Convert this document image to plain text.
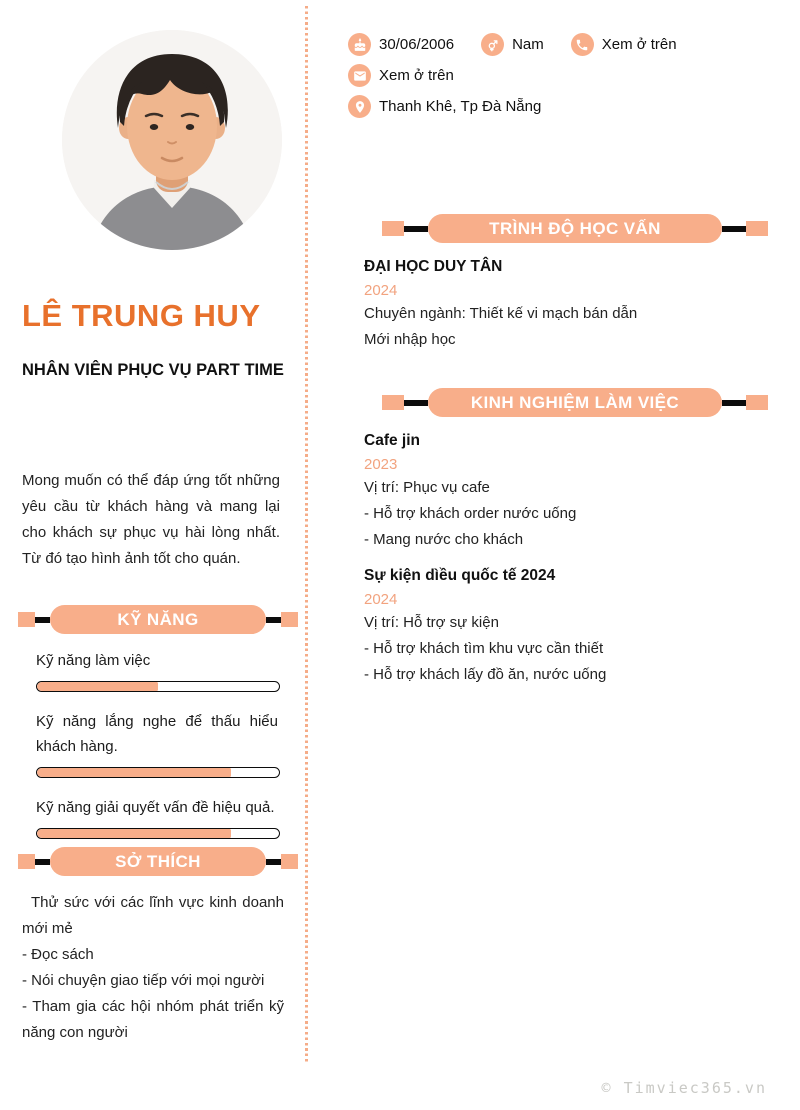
LÊ TRUNG HUY
NHÂN VIÊN PHỤC VỤ PART TIME
Mong muốn có thể đáp ứng tốt những yêu cầu từ khách hàng và mang lại cho khách sự phục vụ hài lòng nhất. Từ đó tạo hình ảnh tốt cho quán.
KỸ NĂNG

Kỹ năng làm việc

Kỹ năng lắng nghe để thấu hiểu khách hàng.

Kỹ năng giải quyết vấn đề hiệu quả.

SỞ THÍCH

Thử sức với các lĩnh vực kinh doanh mới mẻ

- Đọc sách

- Nói chuyện giao tiếp với mọi người

- Tham gia các hội nhóm phát triển kỹ năng con người

30/06/2006	Nam	Xem ở trên
Xem ở trên
Thanh Khê, Tp Đà Nẵng
TRÌNH ĐỘ HỌC VẤN

ĐẠI HỌC DUY TÂN

2024

Chuyên ngành: Thiết kế vi mạch bán dẫn

Mới nhập học

KINH NGHIỆM LÀM VIỆC

Cafe jin

2023

Vị trí: Phục vụ cafe

- Hỗ trợ khách order nước uống

- Mang nước cho khách

Sự kiện dìều quốc tế 2024

2024

Vị trí: Hỗ trợ sự kiện

- Hỗ trợ khách tìm khu vực cần thiết

- Hỗ trợ khách lấy đồ ăn, nước uống

© Timviec365.vn
